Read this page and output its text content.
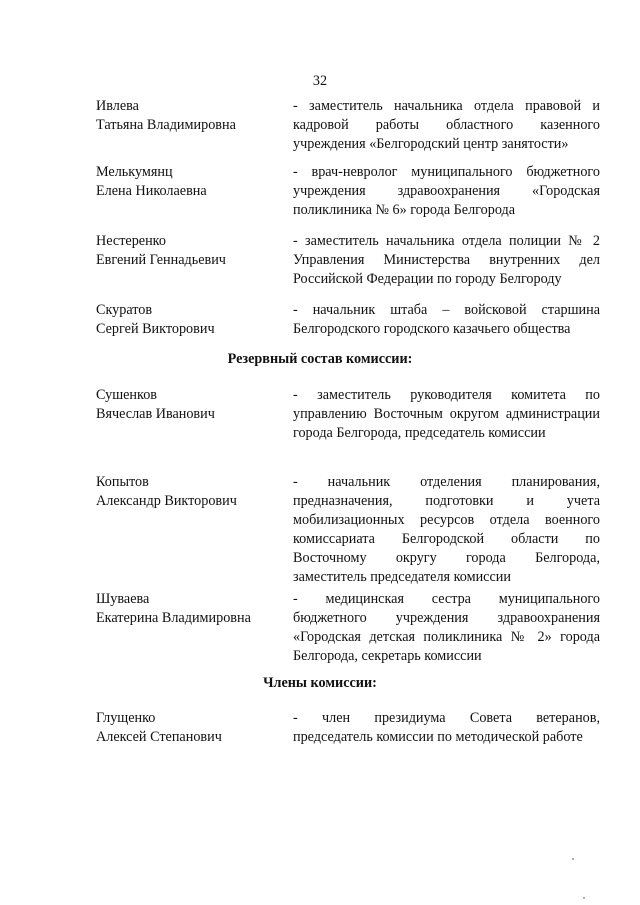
32
Ивлева
Татьяна Владимировна
- заместитель начальника отдела правовой и кадровой работы областного казенного учреждения «Белгородский центр занятости»
Мелькумянц
Елена Николаевна
- врач-невролог муниципального бюджетного учреждения здравоохранения «Городская поликлиника № 6» города Белгорода
Нестеренко
Евгений Геннадьевич
- заместитель начальника отдела полиции № 2 Управления Министерства внутренних дел Российской Федерации по городу Белгороду
Скуратов
Сергей Викторович
- начальник штаба – войсковой старшина Белгородского городского казачьего общества
Резервный состав комиссии:
Сушенков
Вячеслав Иванович
- заместитель руководителя комитета по управлению Восточным округом администрации города Белгорода, председатель комиссии
Копытов
Александр Викторович
- начальник отделения планирования, предназначения, подготовки и учета мобилизационных ресурсов отдела военного комиссариата Белгородской области по Восточному округу города Белгорода, заместитель председателя комиссии
Шуваева
Екатерина Владимировна
- медицинская сестра муниципального бюджетного учреждения здравоохранения «Городская детская поликлиника № 2» города Белгорода, секретарь комиссии
Члены комиссии:
Глущенко
Алексей Степанович
- член президиума Совета ветеранов, председатель комиссии по методической работе
